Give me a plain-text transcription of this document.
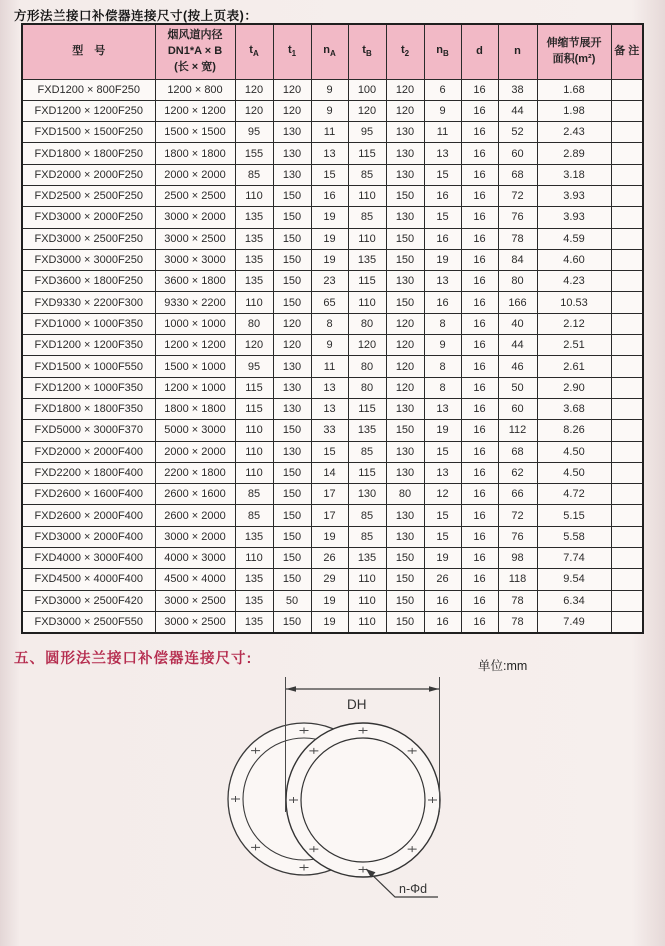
方形法兰接口补偿器连接尺寸(按上页表)：
型　号	烟风道内径
DN1*A × B
(长 × 宽)	$t_A$	$t_1$	$n_A$	$t_B$	$t_2$	$n_B$	d	n	伸缩节展开
面积(m²)	备 注
FXD1200 × 800F250	1200 × 800	120	120	9	100	120	6	16	38	1.68	
FXD1200 × 1200F250	1200 × 1200	120	120	9	120	120	9	16	44	1.98	
FXD1500 × 1500F250	1500 × 1500	95	130	11	95	130	11	16	52	2.43	
FXD1800 × 1800F250	1800 × 1800	155	130	13	115	130	13	16	60	2.89	
FXD2000 × 2000F250	2000 × 2000	85	130	15	85	130	15	16	68	3.18	
FXD2500 × 2500F250	2500 × 2500	110	150	16	110	150	16	16	72	3.93	
FXD3000 × 2000F250	3000 × 2000	135	150	19	85	130	15	16	76	3.93	
FXD3000 × 2500F250	3000 × 2500	135	150	19	110	150	16	16	78	4.59	
FXD3000 × 3000F250	3000 × 3000	135	150	19	135	150	19	16	84	4.60	
FXD3600 × 1800F250	3600 × 1800	135	150	23	115	130	13	16	80	4.23	
FXD9330 × 2200F300	9330 × 2200	110	150	65	110	150	16	16	166	10.53	
FXD1000 × 1000F350	1000 × 1000	80	120	8	80	120	8	16	40	2.12	
FXD1200 × 1200F350	1200 × 1200	120	120	9	120	120	9	16	44	2.51	
FXD1500 × 1000F550	1500 × 1000	95	130	11	80	120	8	16	46	2.61	
FXD1200 × 1000F350	1200 × 1000	115	130	13	80	120	8	16	50	2.90	
FXD1800 × 1800F350	1800 × 1800	115	130	13	115	130	13	16	60	3.68	
FXD5000 × 3000F370	5000 × 3000	110	150	33	135	150	19	16	112	8.26	
FXD2000 × 2000F400	2000 × 2000	110	130	15	85	130	15	16	68	4.50	
FXD2200 × 1800F400	2200 × 1800	110	150	14	115	130	13	16	62	4.50	
FXD2600 × 1600F400	2600 × 1600	85	150	17	130	80	12	16	66	4.72	
FXD2600 × 2000F400	2600 × 2000	85	150	17	85	130	15	16	72	5.15	
FXD3000 × 2000F400	3000 × 2000	135	150	19	85	130	15	16	76	5.58	
FXD4000 × 3000F400	4000 × 3000	110	150	26	135	150	19	16	98	7.74	
FXD4500 × 4000F400	4500 × 4000	135	150	29	110	150	26	16	118	9.54	
FXD3000 × 2500F420	3000 × 2500	135	50	19	110	150	16	16	78	6.34	
FXD3000 × 2500F550	3000 × 2500	135	150	19	110	150	16	16	78	7.49	
五、圆形法兰接口补偿器连接尺寸:	单位:mm
DH
n-Φd
